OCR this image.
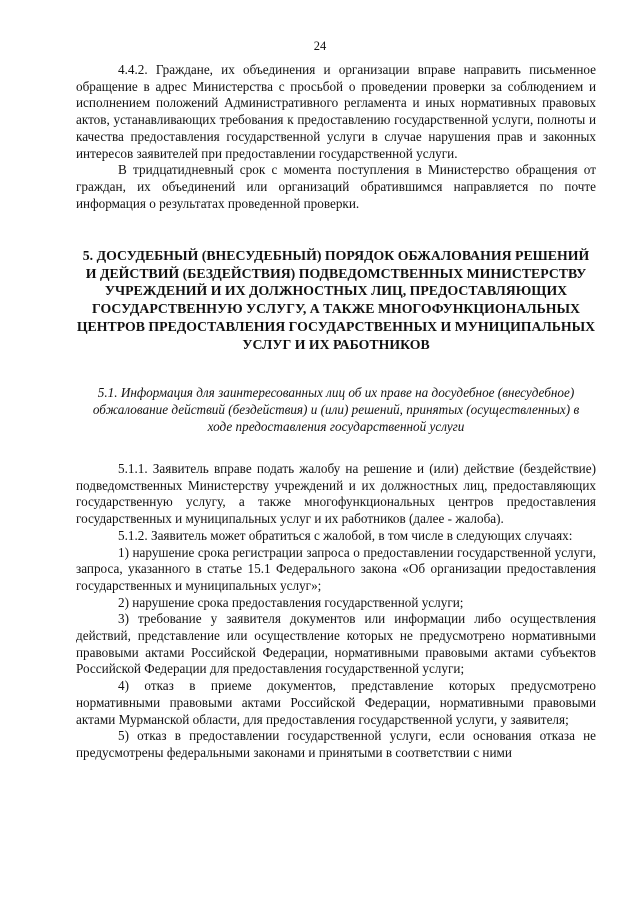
24

4.4.2. Граждане, их объединения и организации вправе направить письменное обращение в адрес Министерства с просьбой о проведении проверки за соблюдением и исполнением положений Административного регламента и иных нормативных правовых актов, устанавливающих требования к предоставлению государственной услуги, полноты и качества предоставления государственной услуги в случае нарушения прав и законных интересов заявителей при предоставлении государственной услуги.

В тридцатидневный срок с момента поступления в Министерство обращения от граждан, их объединений или организаций обратившимся направляется по почте информация о результатах проведенной проверки.

5. ДОСУДЕБНЫЙ (ВНЕСУДЕБНЫЙ) ПОРЯДОК ОБЖАЛОВАНИЯ РЕШЕНИЙ И ДЕЙСТВИЙ (БЕЗДЕЙСТВИЯ) ПОДВЕДОМСТВЕННЫХ МИНИСТЕРСТВУ УЧРЕЖДЕНИЙ И ИХ ДОЛЖНОСТНЫХ ЛИЦ, ПРЕДОСТАВЛЯЮЩИХ ГОСУДАРСТВЕННУЮ УСЛУГУ, А ТАКЖЕ МНОГОФУНКЦИОНАЛЬНЫХ ЦЕНТРОВ ПРЕДОСТАВЛЕНИЯ ГОСУДАРСТВЕННЫХ И МУНИЦИПАЛЬНЫХ УСЛУГ И ИХ РАБОТНИКОВ
5.1. Информация для заинтересованных лиц об их праве на досудебное (внесудебное) обжалование действий (бездействия) и (или) решений, принятых (осуществленных) в ходе предоставления государственной услуги

5.1.1. Заявитель вправе подать жалобу на решение и (или) действие (бездействие) подведомственных Министерству учреждений и их должностных лиц, предоставляющих государственную услугу, а также многофункциональных центров предоставления государственных и муниципальных услуг и их работников (далее - жалоба).

5.1.2. Заявитель может обратиться с жалобой, в том числе в следующих случаях:

1) нарушение срока регистрации запроса о предоставлении государственной услуги, запроса, указанного в статье 15.1 Федерального закона «Об организации предоставления государственных и муниципальных услуг»;

2) нарушение срока предоставления государственной услуги;

3) требование у заявителя документов или информации либо осуществления действий, представление или осуществление которых не предусмотрено нормативными правовыми актами Российской Федерации, нормативными правовыми актами субъектов Российской Федерации для предоставления государственной услуги;

4) отказ в приеме документов, представление которых предусмотрено нормативными правовыми актами Российской Федерации, нормативными правовыми актами Мурманской области, для предоставления государственной услуги, у заявителя;

5) отказ в предоставлении государственной услуги, если основания отказа не предусмотрены федеральными законами и принятыми в соответствии с ними
